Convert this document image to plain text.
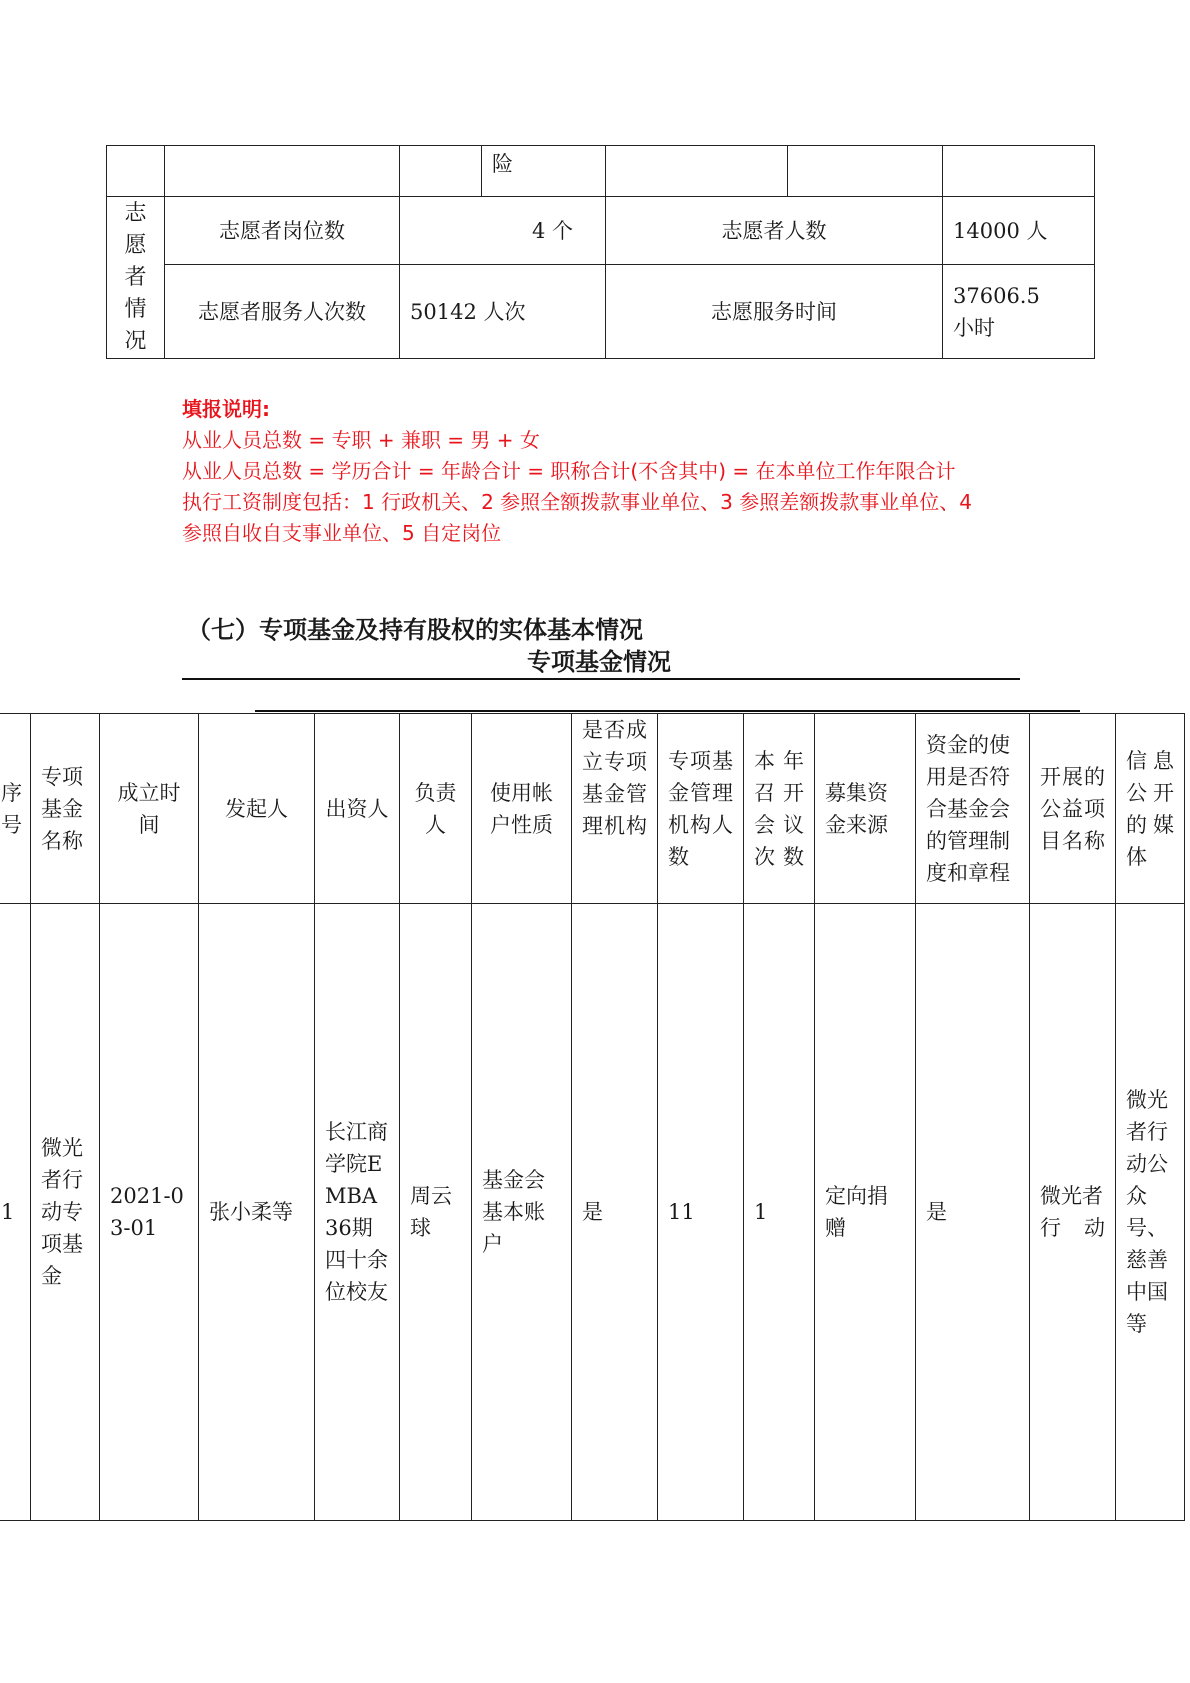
			险			

志
愿
者
情
况	志愿者岗位数	4 个		志愿者人数		14000 人
	志愿者服务人次数	50142 人次		志愿服务时间		37606.5 小时
填报说明:
从业人员总数 = 专职 + 兼职 = 男 + 女
从业人员总数 = 学历合计 = 年龄合计 = 职称合计(不含其中) = 在本单位工作年限合计
执行工资制度包括：1 行政机关、2 参照全额拨款事业单位、3 参照差额拨款事业单位、4
参照自收自支事业单位、5 自定岗位
（七）专项基金及持有股权的实体基本情况
专项基金情况
序号	专项基金名称	成立时间	发起人	出资人	负责人	使用帐户性质	是否成立专项基金管理机构	专项基金管理机构人数	本年召开会议次数	募集资金来源	资金的使用是否符合基金会的管理制度和章程	开展的公益项目名称	信息公开的媒体
1	微光者行动专项基金	2021-03-01	张小柔等	长江商学院EMBA36期四十余位校友	周云球	基金会基本账户	是	11	1	定向捐赠	是	微光者行动	微光者行动公众号、慈善中国等
